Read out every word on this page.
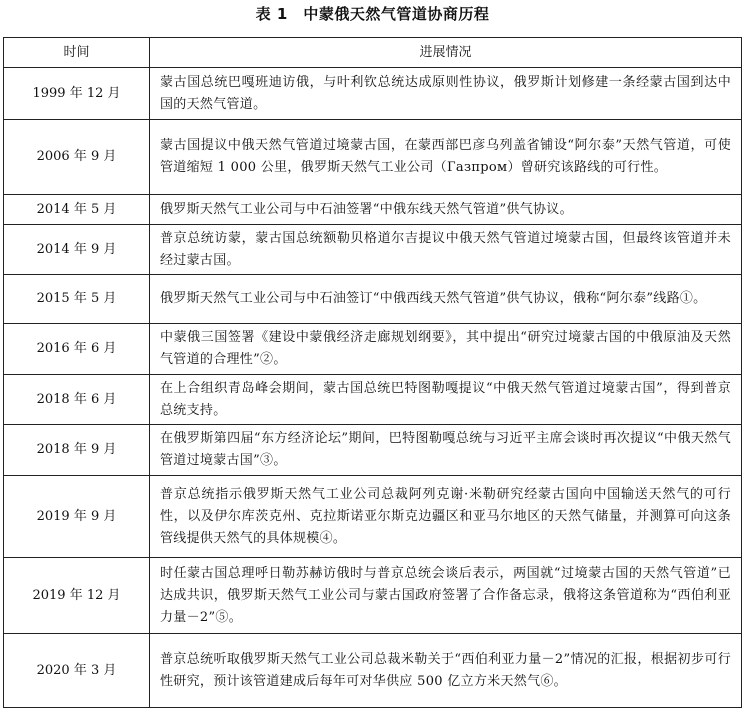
表 1　中蒙俄天然气管道协商历程
时间	进展情况
1999 年 12 月	蒙古国总统巴嘎班迪访俄，与叶利钦总统达成原则性协议，俄罗斯计划修建一条经蒙古国到达中国的天然气管道。
2006 年 9 月	蒙古国提议中俄天然气管道过境蒙古国，在蒙西部巴彦乌列盖省铺设“阿尔泰”天然气管道，可使管道缩短 1 000 公里，俄罗斯天然气工业公司（Газпром）曾研究该路线的可行性。
2014 年 5 月	俄罗斯天然气工业公司与中石油签署“中俄东线天然气管道”供气协议。
2014 年 9 月	普京总统访蒙，蒙古国总统额勒贝格道尔吉提议中俄天然气管道过境蒙古国，但最终该管道并未经过蒙古国。
2015 年 5 月	俄罗斯天然气工业公司与中石油签订“中俄西线天然气管道”供气协议，俄称“阿尔泰”线路①。
2016 年 6 月	中蒙俄三国签署《建设中蒙俄经济走廊规划纲要》，其中提出“研究过境蒙古国的中俄原油及天然气管道的合理性”②。
2018 年 6 月	在上合组织青岛峰会期间，蒙古国总统巴特图勒嘎提议“中俄天然气管道过境蒙古国”，得到普京总统支持。
2018 年 9 月	在俄罗斯第四届“东方经济论坛”期间，巴特图勒嘎总统与习近平主席会谈时再次提议“中俄天然气管道过境蒙古国”③。
2019 年 9 月	普京总统指示俄罗斯天然气工业公司总裁阿列克谢·米勒研究经蒙古国向中国输送天然气的可行性，以及伊尔库茨克州、克拉斯诺亚尔斯克边疆区和亚马尔地区的天然气储量，并测算可向这条管线提供天然气的具体规模④。
2019 年 12 月	时任蒙古国总理呼日勒苏赫访俄时与普京总统会谈后表示，两国就“过境蒙古国的天然气管道”已达成共识，俄罗斯天然气工业公司与蒙古国政府签署了合作备忘录，俄将这条管道称为“西伯利亚力量－2”⑤。
2020 年 3 月	普京总统听取俄罗斯天然气工业公司总裁米勒关于“西伯利亚力量－2”情况的汇报，根据初步可行性研究，预计该管道建成后每年可对华供应 500 亿立方米天然气⑥。
